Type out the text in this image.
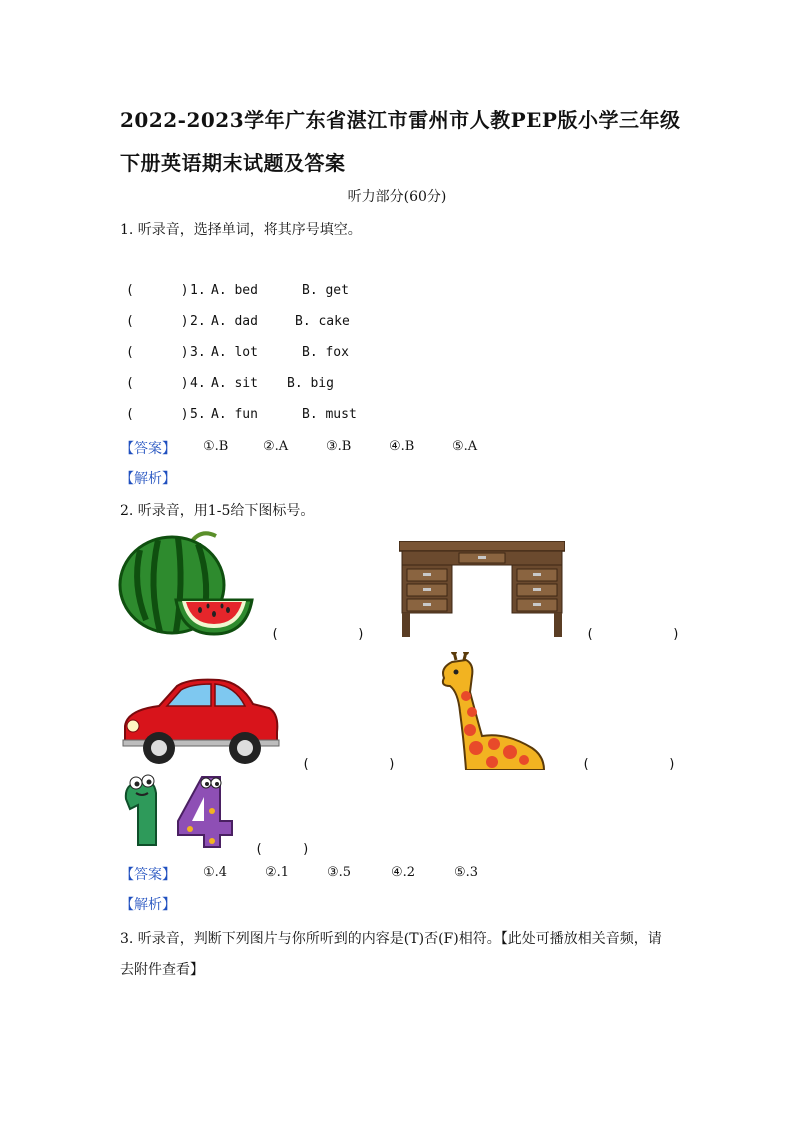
2022-2023学年广东省湛江市雷州市人教PEP版小学三年级
下册英语期末试题及答案
听力部分(60分)
1. 听录音，选择单词，将其序号填空。
(      ) 1. A. bed	B. get
(      ) 2. A. dad	B. cake
(      ) 3. A. lot	B. fox
(      ) 4. A. sit B. big
(      ) 5. A. fun	B. must
【答案】 ①.B	②.A	③.B	④.B	⑤.A
【解析】
2. 听录音，用1-5给下图标号。
(          )	(          )
(          )	(          )
(     )
【答案】 ①.4	②.1	③.5	④.2	⑤.3
【解析】
3. 听录音，判断下列图片与你所听到的内容是(T)否(F)相符。【此处可播放相关音频，请
去附件查看】
